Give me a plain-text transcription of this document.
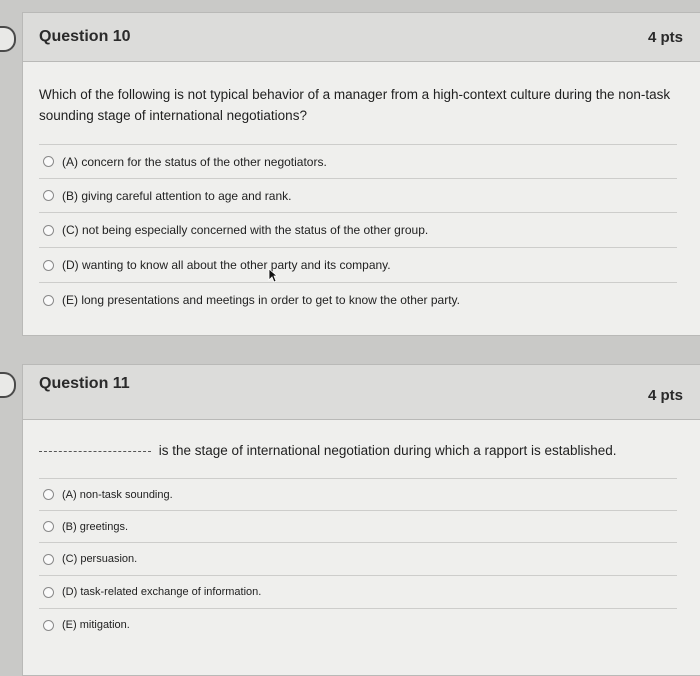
Question 10	4 pts
Which of the following is not typical behavior of a manager from a high-context culture during the non-task sounding stage of international negotiations?
(A) concern for the status of the other negotiators.
(B) giving careful attention to age and rank.
(C) not being especially concerned with the status of the other group.
(D) wanting to know all about the other party and its company.
(E) long presentations and meetings in order to get to know the other party.
Question 11
4 pts
is the stage of international negotiation during which a rapport is established.
(A) non-task sounding.
(B) greetings.
(C) persuasion.
(D) task-related exchange of information.
(E) mitigation.
